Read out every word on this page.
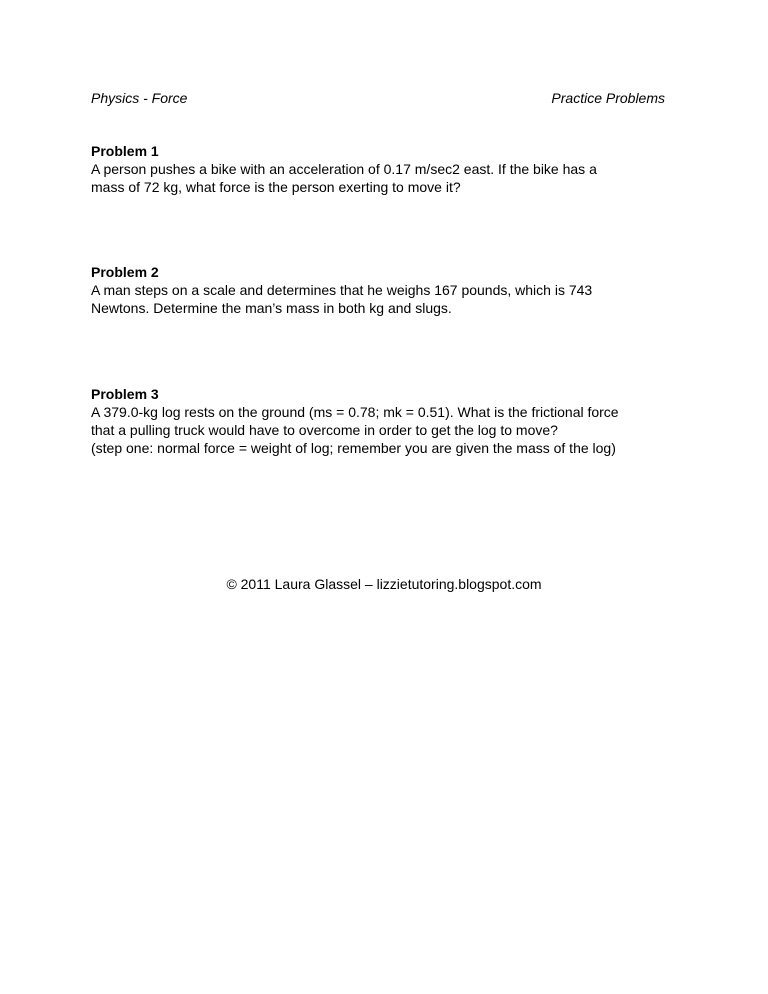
Physics - Force	Practice Problems
Problem 1
A person pushes a bike with an acceleration of 0.17 m/sec2 east. If the bike has a
mass of 72 kg, what force is the person exerting to move it?
Problem 2
A man steps on a scale and determines that he weighs 167 pounds, which is 743
Newtons. Determine the man’s mass in both kg and slugs.
Problem 3
A 379.0-kg log rests on the ground (ms = 0.78; mk = 0.51). What is the frictional force
that a pulling truck would have to overcome in order to get the log to move?
(step one: normal force = weight of log; remember you are given the mass of the log)
© 2011 Laura Glassel – lizzietutoring.blogspot.com
